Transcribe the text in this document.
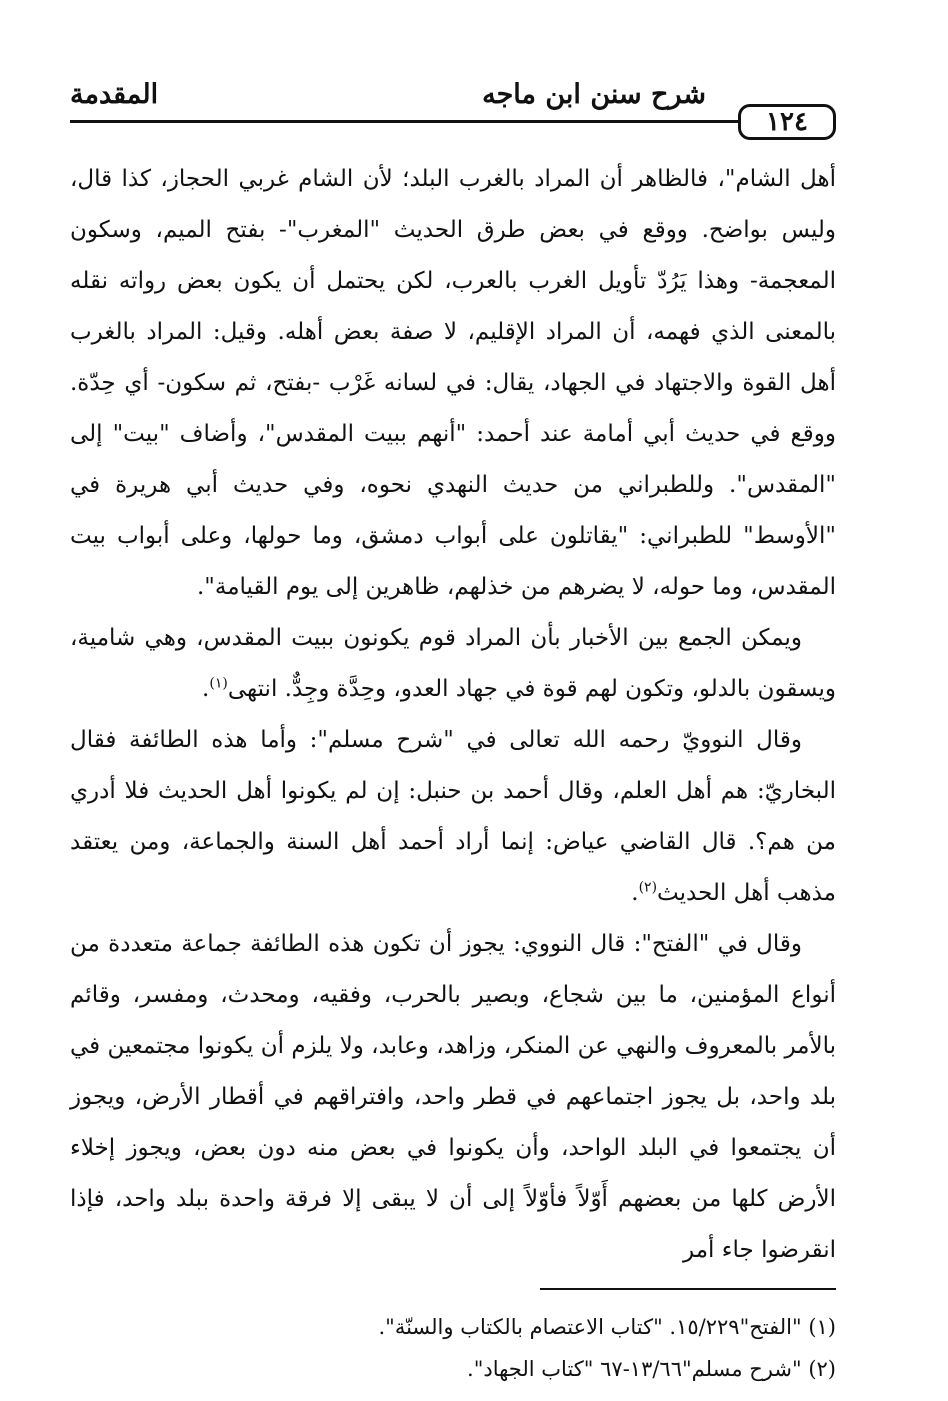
١٢٤
شرح سنن ابن ماجه
المقدمة

أهل الشام"، فالظاهر أن المراد بالغرب البلد؛ لأن الشام غربي الحجاز، كذا قال، وليس بواضح. ووقع في بعض طرق الحديث "المغرب"- بفتح الميم، وسكون المعجمة- وهذا يَرُدّ تأويل الغرب بالعرب، لكن يحتمل أن يكون بعض رواته نقله بالمعنى الذي فهمه، أن المراد الإقليم، لا صفة بعض أهله. وقيل: المراد بالغرب أهل القوة والاجتهاد في الجهاد، يقال: في لسانه غَرْب -بفتح، ثم سكون- أي حِدّة. ووقع في حديث أبي أمامة عند أحمد: "أنهم ببيت المقدس"، وأضاف "بيت" إلى "المقدس". وللطبراني من حديث النهدي نحوه، وفي حديث أبي هريرة في "الأوسط" للطبراني: "يقاتلون على أبواب دمشق، وما حولها، وعلى أبواب بيت المقدس، وما حوله، لا يضرهم من خذلهم، ظاهرين إلى يوم القيامة".

ويمكن الجمع بين الأخبار بأن المراد قوم يكونون ببيت المقدس، وهي شامية، ويسقون بالدلو، وتكون لهم قوة في جهاد العدو، وحِدَّة وجِدٌّ. انتهى$^{(١)}$.

وقال النوويّ رحمه الله تعالى في "شرح مسلم": وأما هذه الطائفة فقال البخاريّ: هم أهل العلم، وقال أحمد بن حنبل: إن لم يكونوا أهل الحديث فلا أدري من هم؟. قال القاضي عياض: إنما أراد أحمد أهل السنة والجماعة، ومن يعتقد مذهب أهل الحديث$^{(٢)}$.

وقال في "الفتح": قال النووي: يجوز أن تكون هذه الطائفة جماعة متعددة من أنواع المؤمنين، ما بين شجاع، وبصير بالحرب، وفقيه، ومحدث، ومفسر، وقائم بالأمر بالمعروف والنهي عن المنكر، وزاهد، وعابد، ولا يلزم أن يكونوا مجتمعين في بلد واحد، بل يجوز اجتماعهم في قطر واحد، وافتراقهم في أقطار الأرض، ويجوز أن يجتمعوا في البلد الواحد، وأن يكونوا في بعض منه دون بعض، ويجوز إخلاء الأرض كلها من بعضهم أَوّلاً فأوّلاً إلى أن لا يبقى إلا فرقة واحدة ببلد واحد، فإذا انقرضوا جاء أمر

(١) "الفتح"١٥/٢٢٩. "كتاب الاعتصام بالكتاب والسنّة".
(٢) "شرح مسلم"١٣/٦٦-٦٧ "كتاب الجهاد".
